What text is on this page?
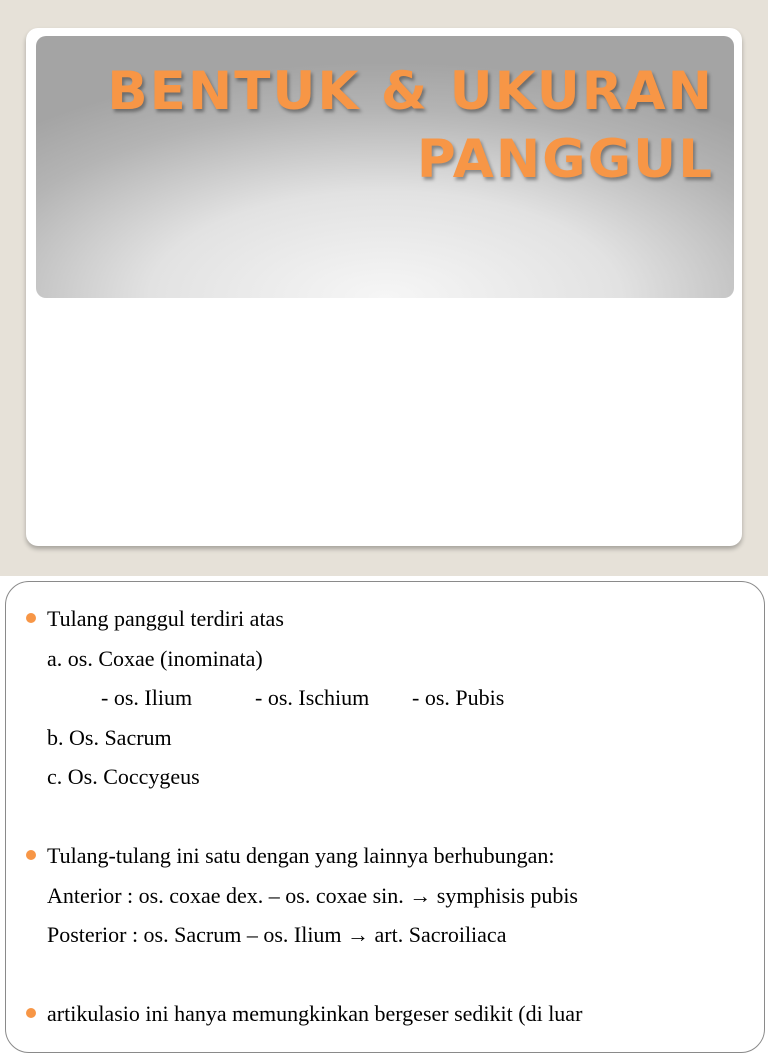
BENTUK & UKURAN
PANGGUL
Tulang panggul terdiri atas
a. os. Coxae (inominata)
- os. Ilium	- os. Ischium - os. Pubis
b. Os. Sacrum
c. Os. Coccygeus
Tulang-tulang ini satu dengan yang lainnya berhubungan:
Anterior : os. coxae dex. – os. coxae sin. → symphisis pubis
Posterior : os. Sacrum – os. Ilium → art. Sacroiliaca
artikulasio ini hanya memungkinkan bergeser sedikit (di luar
